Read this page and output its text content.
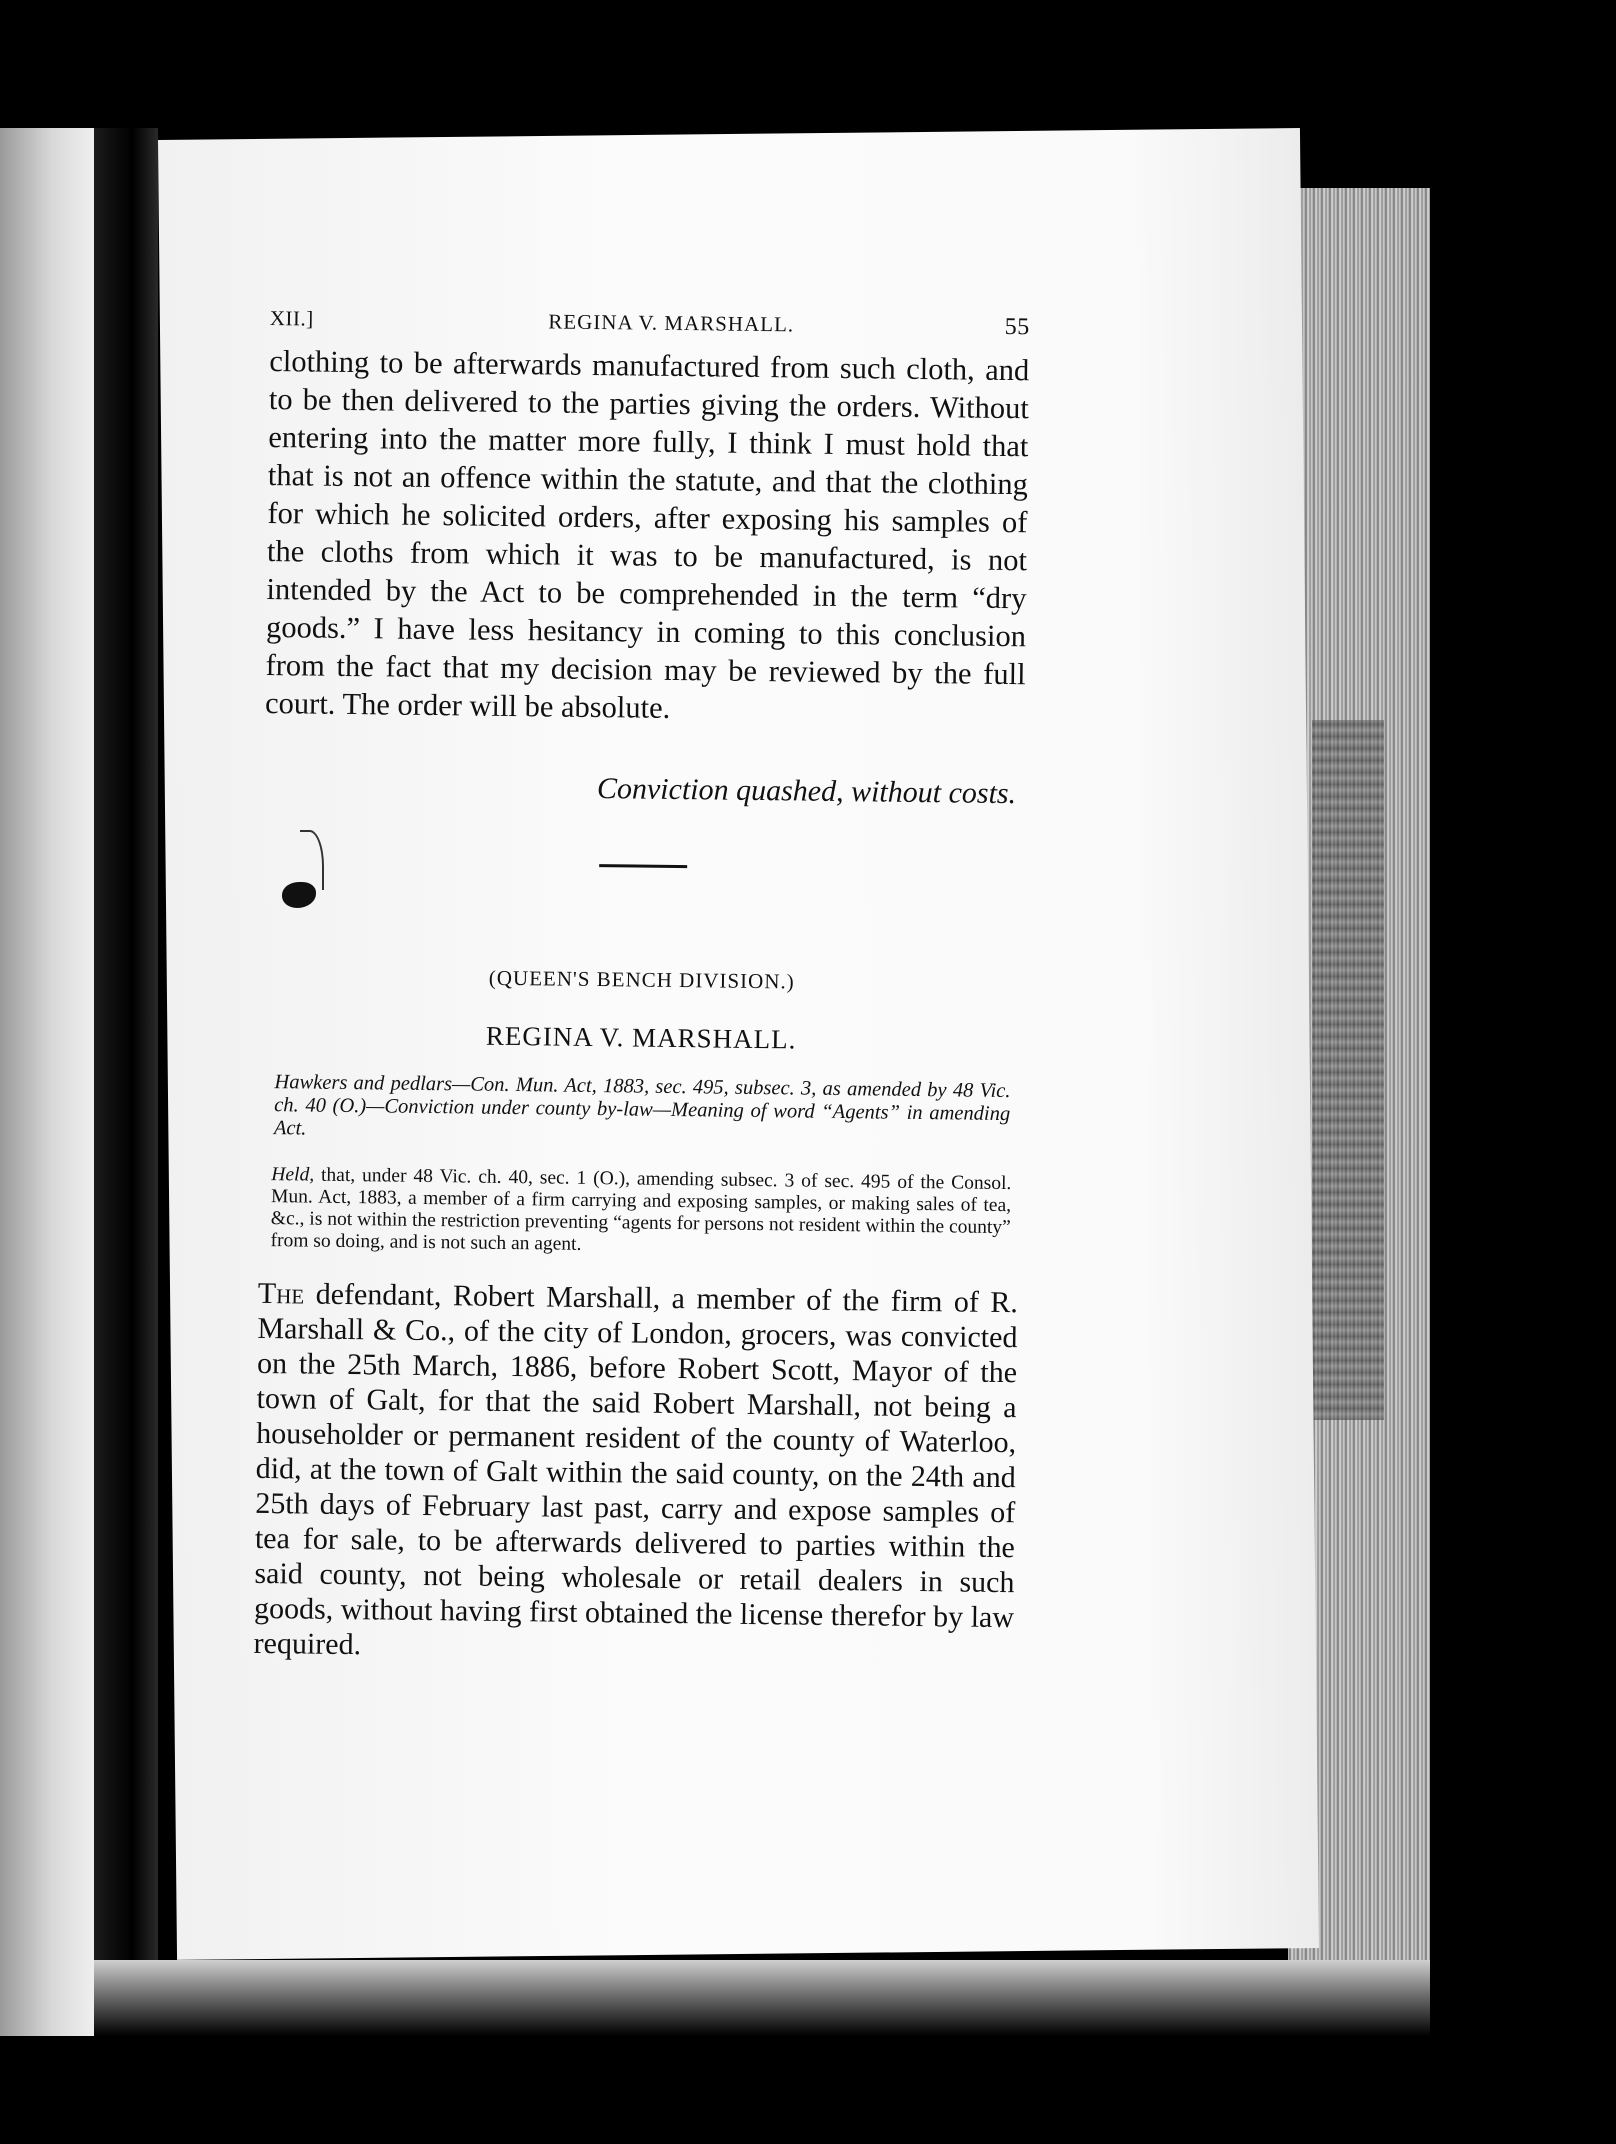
XII.]	REGINA V. MARSHALL.	55

clothing to be afterwards manufactured from such cloth, and to be then delivered to the parties giving the orders. Without entering into the matter more fully, I think I must hold that that is not an offence within the statute, and that the clothing for which he solicited orders, after exposing his samples of the cloths from which it was to be manufactured, is not intended by the Act to be comprehended in the term “dry goods.” I have less hesitancy in coming to this conclusion from the fact that my decision may be reviewed by the full court. The order will be absolute.

Conviction quashed, without costs.
(QUEEN'S BENCH DIVISION.)
REGINA V. MARSHALL.
Hawkers and pedlars—Con. Mun. Act, 1883, sec. 495, subsec. 3, as amended by 48 Vic. ch. 40 (O.)—Conviction under county by-law—Meaning of word “Agents” in amending Act.
Held, that, under 48 Vic. ch. 40, sec. 1 (O.), amending subsec. 3 of sec. 495 of the Consol. Mun. Act, 1883, a member of a firm carrying and exposing samples, or making sales of tea, &c., is not within the restriction preventing “agents for persons not resident within the county” from so doing, and is not such an agent.
The defendant, Robert Marshall, a member of the firm of R. Marshall & Co., of the city of London, grocers, was convicted on the 25th March, 1886, before Robert Scott, Mayor of the town of Galt, for that the said Robert Marshall, not being a householder or permanent resident of the county of Waterloo, did, at the town of Galt within the said county, on the 24th and 25th days of February last past, carry and expose samples of tea for sale, to be afterwards delivered to parties within the said county, not being wholesale or retail dealers in such goods, without having first obtained the license therefor by law required.
